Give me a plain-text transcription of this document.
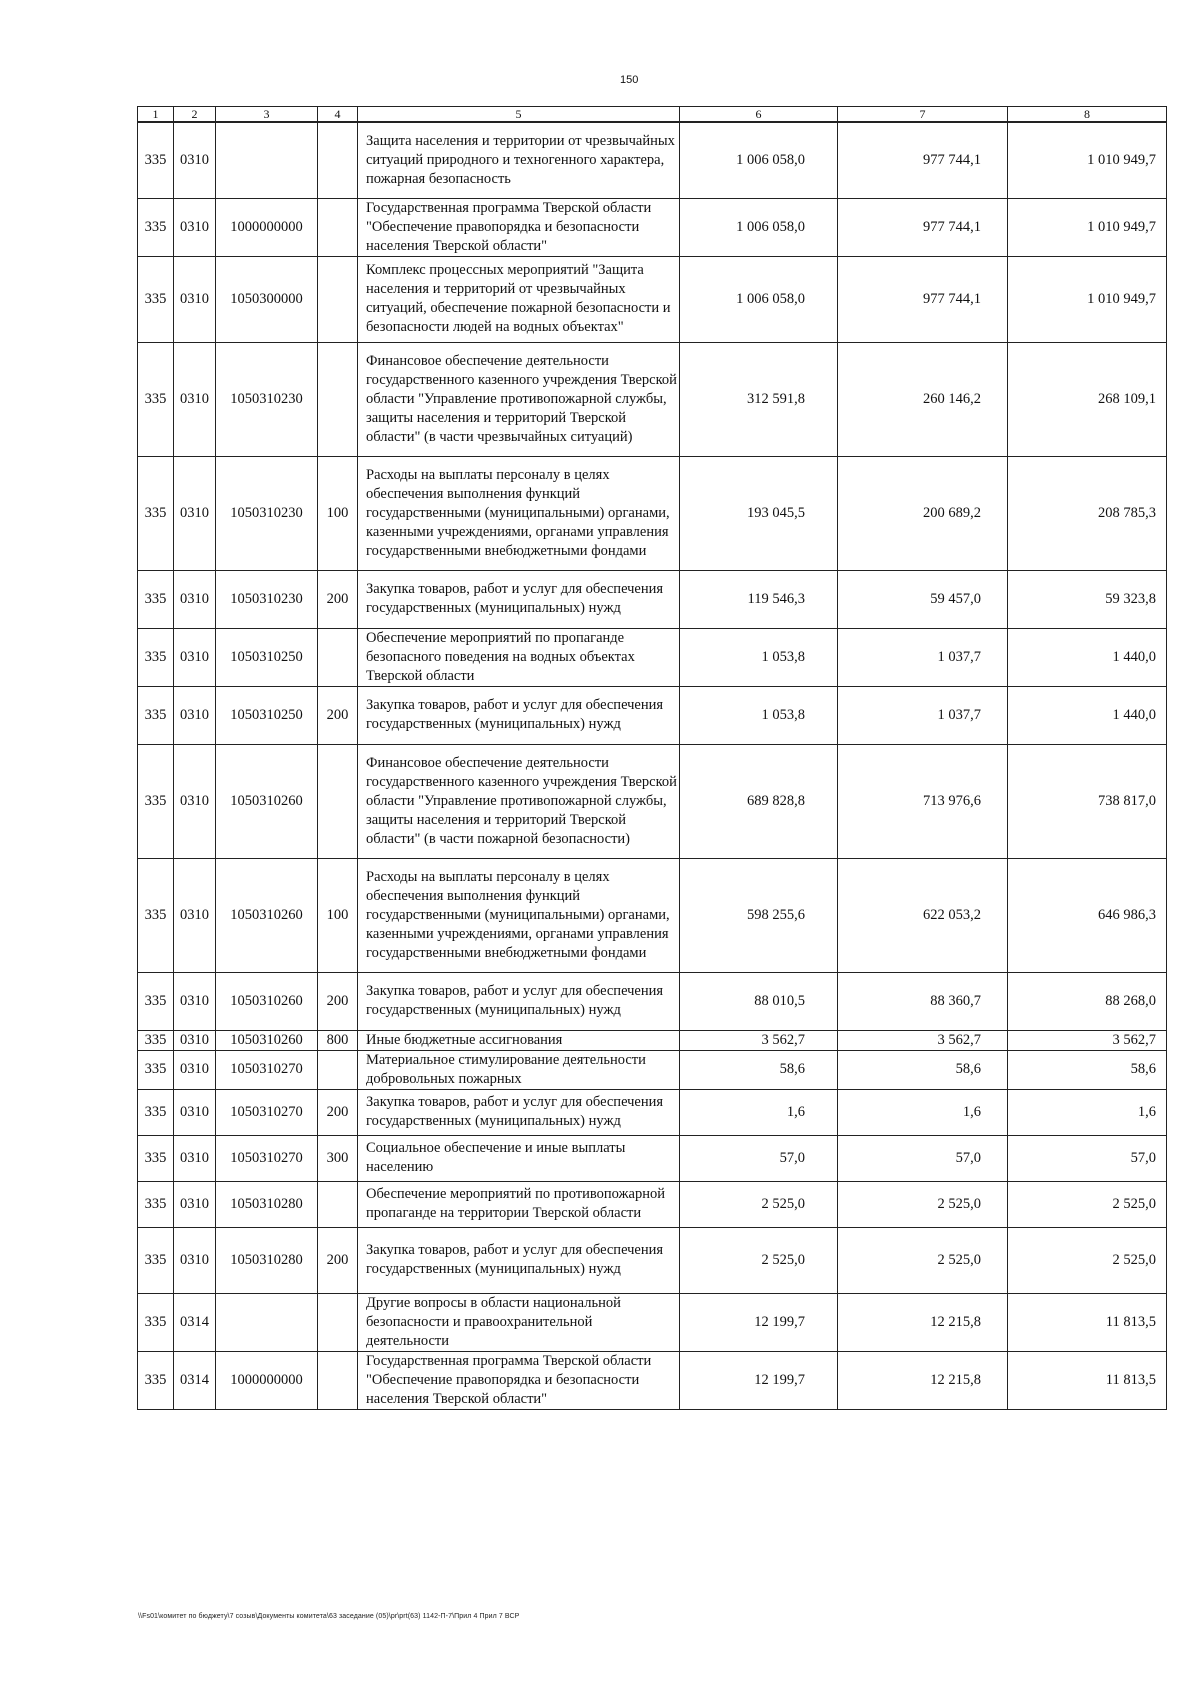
150
1	2	3	4	5	6	7	8
335	0310			Защита населения и территории от чрезвычайных ситуаций природного и техногенного характера, пожарная безопасность	1 006 058,0	977 744,1	1 010 949,7
335	0310	1000000000		Государственная программа Тверской области "Обеспечение правопорядка и безопасности населения Тверской области"	1 006 058,0	977 744,1	1 010 949,7
335	0310	1050300000		Комплекс процессных мероприятий "Защита населения и территорий от чрезвычайных ситуаций, обеспечение пожарной безопасности и безопасности людей на водных объектах"	1 006 058,0	977 744,1	1 010 949,7
335	0310	1050310230		Финансовое обеспечение деятельности государственного казенного учреждения Тверской области "Управление противопожарной службы, защиты населения и территорий Тверской области" (в части чрезвычайных ситуаций)	312 591,8	260 146,2	268 109,1
335	0310	1050310230	100	Расходы на выплаты персоналу в целях обеспечения выполнения функций государственными (муниципальными) органами, казенными учреждениями, органами управления государственными внебюджетными фондами	193 045,5	200 689,2	208 785,3
335	0310	1050310230	200	Закупка товаров, работ и услуг для обеспечения государственных (муниципальных) нужд	119 546,3	59 457,0	59 323,8
335	0310	1050310250		Обеспечение мероприятий по пропаганде безопасного поведения на водных объектах Тверской области	1 053,8	1 037,7	1 440,0
335	0310	1050310250	200	Закупка товаров, работ и услуг для обеспечения государственных (муниципальных) нужд	1 053,8	1 037,7	1 440,0
335	0310	1050310260		Финансовое обеспечение деятельности государственного казенного учреждения Тверской области "Управление противопожарной службы, защиты населения и территорий Тверской области" (в части пожарной безопасности)	689 828,8	713 976,6	738 817,0
335	0310	1050310260	100	Расходы на выплаты персоналу в целях обеспечения выполнения функций государственными (муниципальными) органами, казенными учреждениями, органами управления государственными внебюджетными фондами	598 255,6	622 053,2	646 986,3
335	0310	1050310260	200	Закупка товаров, работ и услуг для обеспечения государственных (муниципальных) нужд	88 010,5	88 360,7	88 268,0
335	0310	1050310260	800	Иные бюджетные ассигнования	3 562,7	3 562,7	3 562,7
335	0310	1050310270		Материальное стимулирование деятельности добровольных пожарных	58,6	58,6	58,6
335	0310	1050310270	200	Закупка товаров, работ и услуг для обеспечения государственных (муниципальных) нужд	1,6	1,6	1,6
335	0310	1050310270	300	Социальное обеспечение и иные выплаты населению	57,0	57,0	57,0
335	0310	1050310280		Обеспечение мероприятий по противопожарной пропаганде на территории Тверской области	2 525,0	2 525,0	2 525,0
335	0310	1050310280	200	Закупка товаров, работ и услуг для обеспечения государственных (муниципальных) нужд	2 525,0	2 525,0	2 525,0
335	0314			Другие вопросы в области национальной безопасности и правоохранительной деятельности	12 199,7	12 215,8	11 813,5
335	0314	1000000000		Государственная программа Тверской области "Обеспечение правопорядка и безопасности населения Тверской области"	12 199,7	12 215,8	11 813,5
\\Fs01\комитет по бюджету\7 созыв\Документы комитета\63 заседание (05)\pr\prt(63) 1142-П-7\Прил 4 Прил 7 ВСР
